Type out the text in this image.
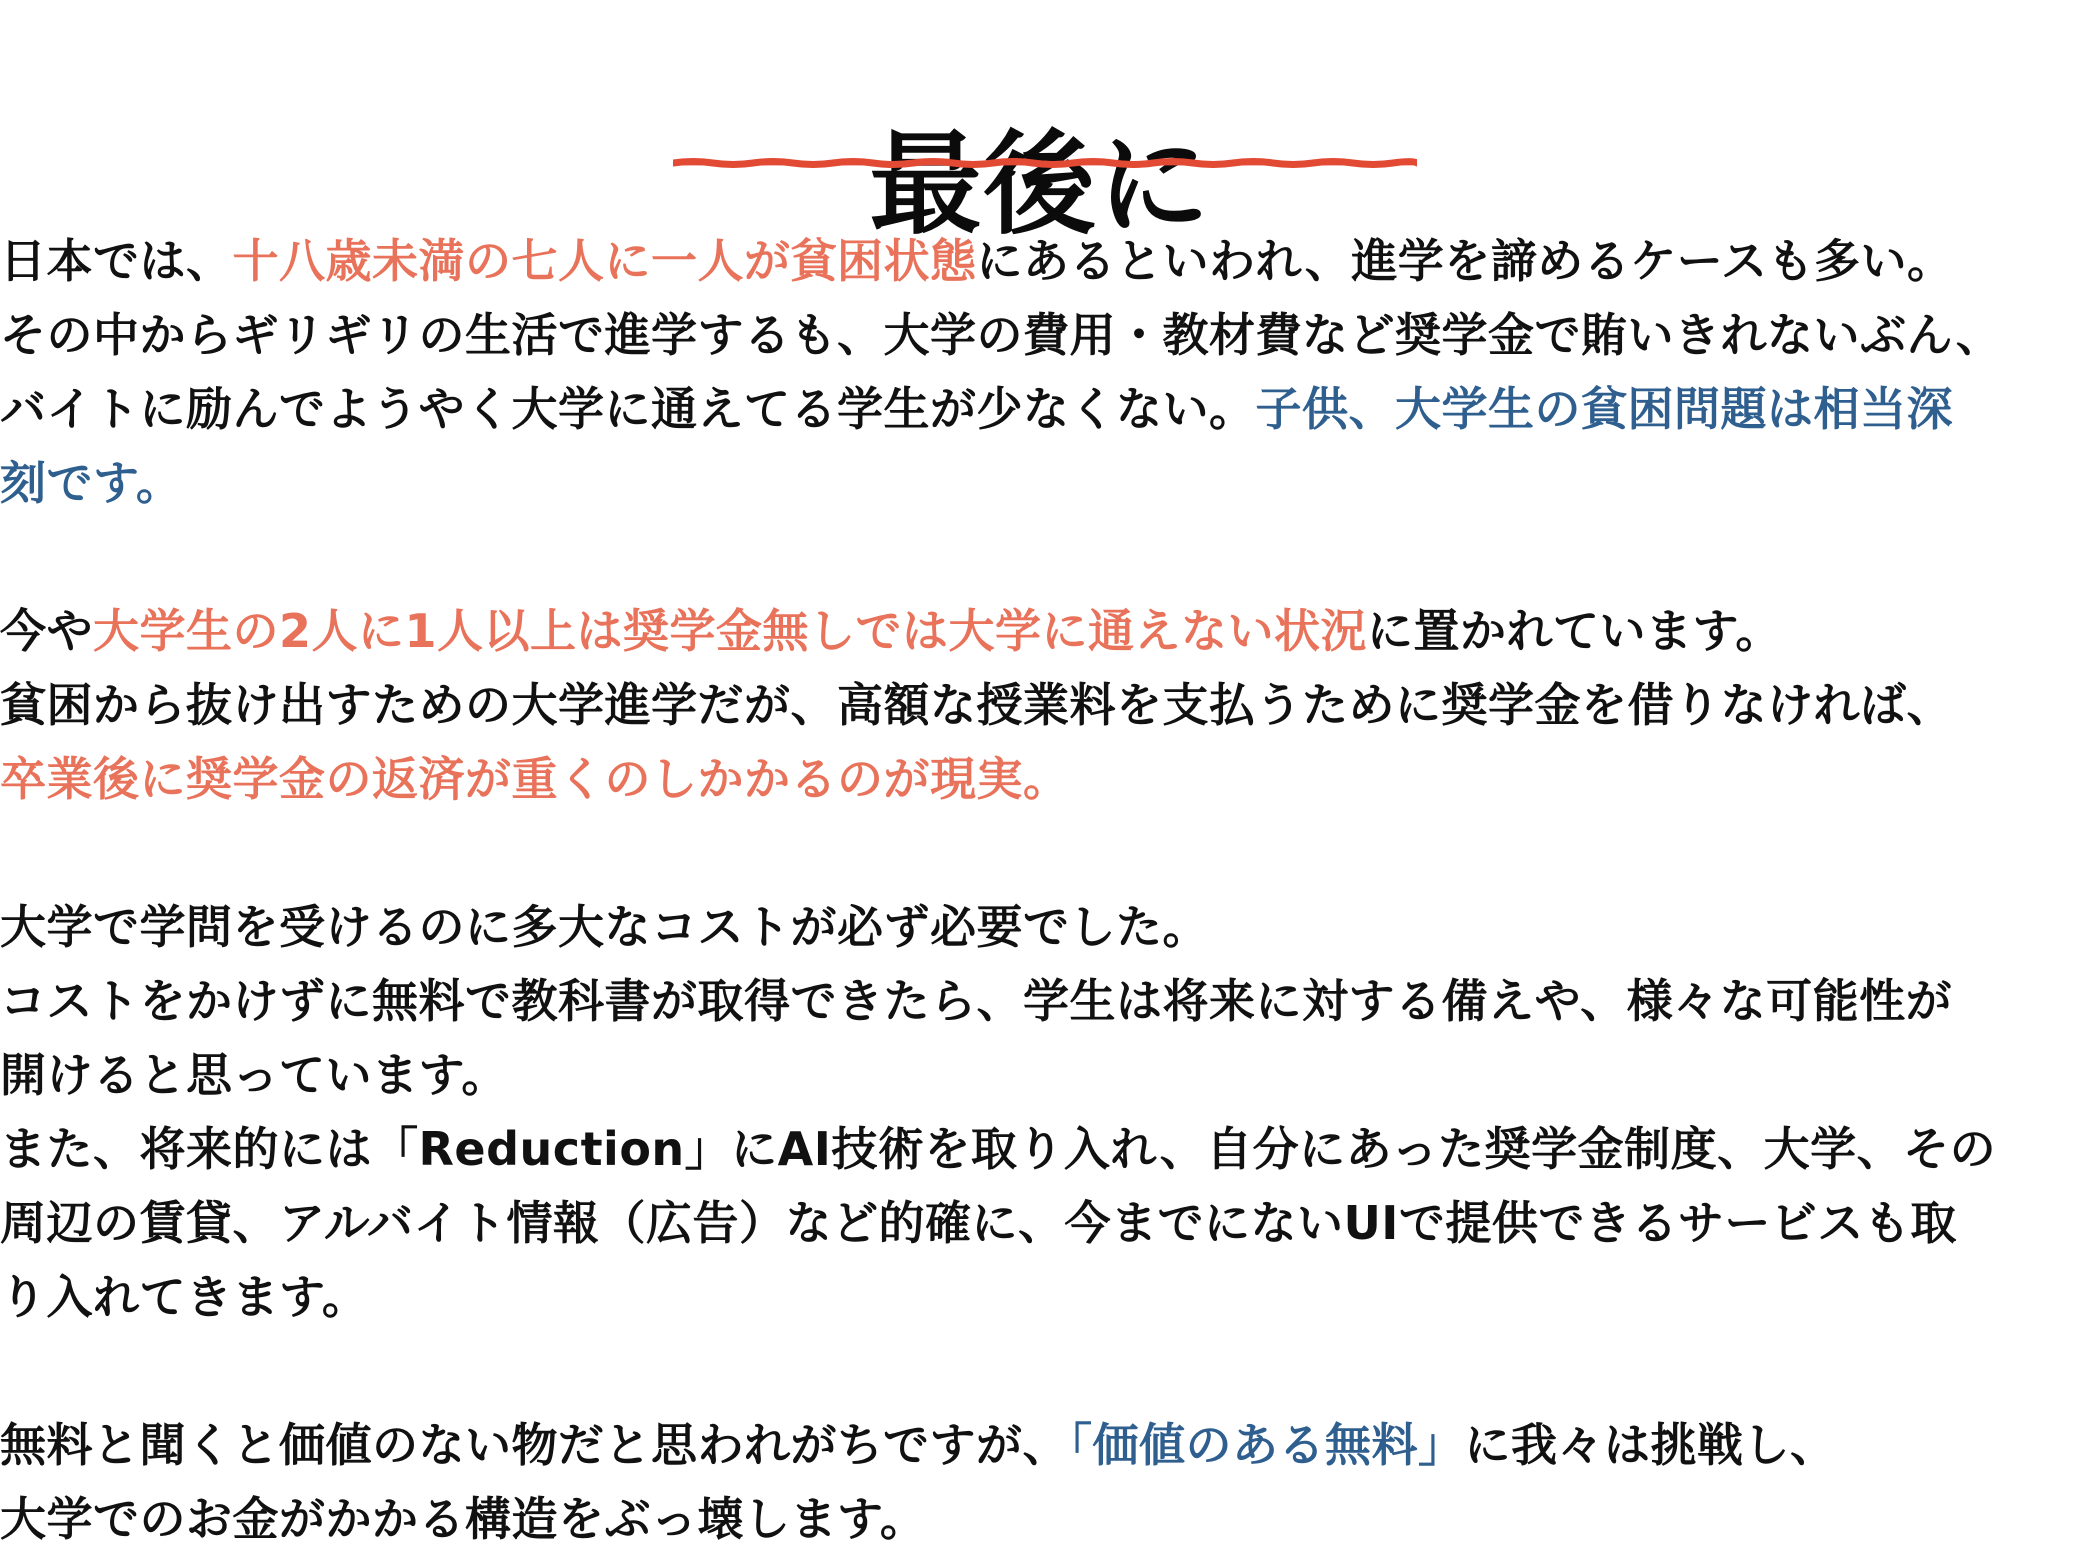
最後に
日本では、十八歳未満の七人に一人が貧困状態にあるといわれ、進学を諦めるケースも多い。
その中からギリギリの生活で進学するも、大学の費用・教材費など奨学金で賄いきれないぶん、
バイトに励んでようやく大学に通えてる学生が少なくない。子供、大学生の貧困問題は相当深
刻です。
今や大学生の2人に1人以上は奨学金無しでは大学に通えない状況に置かれています。
貧困から抜け出すための大学進学だが、高額な授業料を支払うために奨学金を借りなければ、
卒業後に奨学金の返済が重くのしかかるのが現実。
大学で学問を受けるのに多大なコストが必ず必要でした。
コストをかけずに無料で教科書が取得できたら、学生は将来に対する備えや、様々な可能性が
開けると思っています。
また、将来的には「Reduction」にAI技術を取り入れ、自分にあった奨学金制度、大学、その
周辺の賃貸、アルバイト情報（広告）など的確に、今までにないUIで提供できるサービスも取
り入れてきます。
無料と聞くと価値のない物だと思われがちですが、「価値のある無料」に我々は挑戦し、
大学でのお金がかかる構造をぶっ壊します。
